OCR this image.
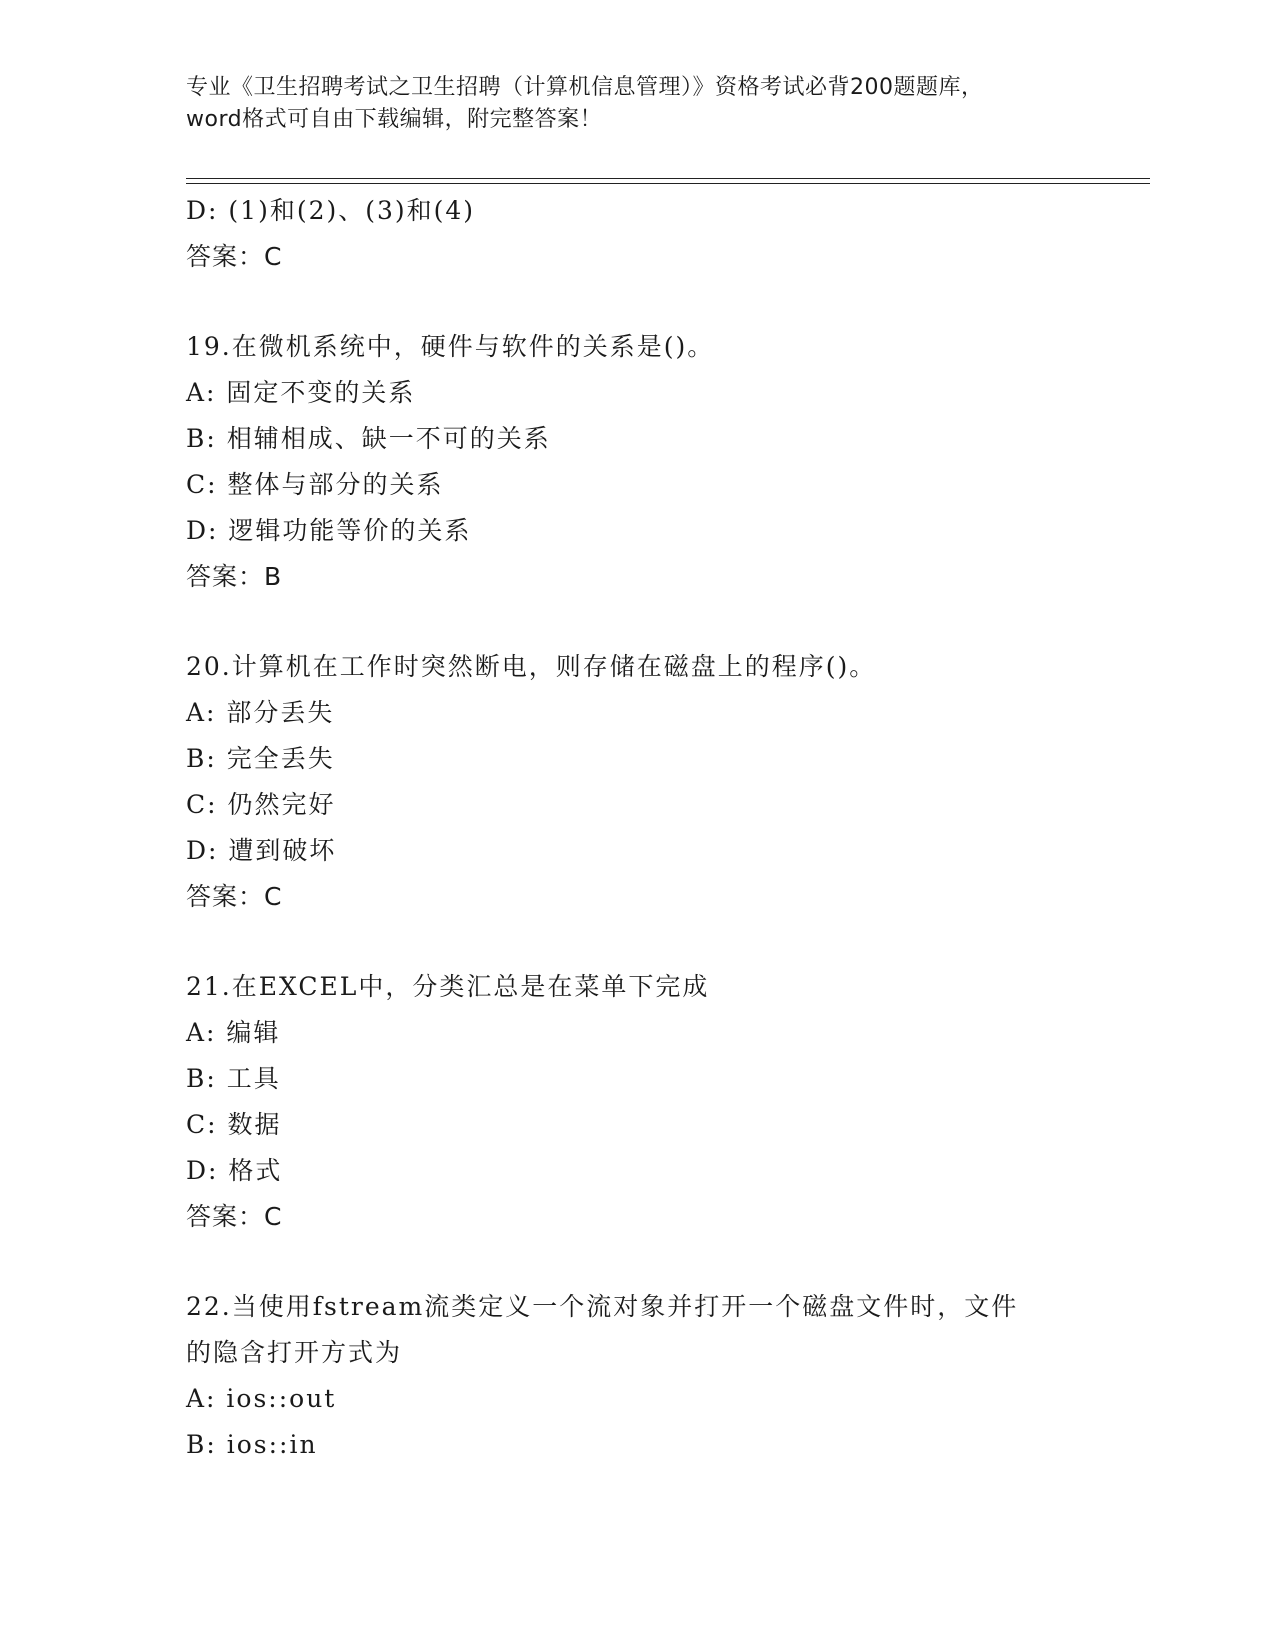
专业《卫生招聘考试之卫生招聘（计算机信息管理）》资格考试必背200题题库，
word格式可自由下载编辑，附完整答案！
D: (1)和(2)、(3)和(4)
答案：C
19.在微机系统中，硬件与软件的关系是()。
A: 固定不变的关系
B: 相辅相成、缺一不可的关系
C: 整体与部分的关系
D: 逻辑功能等价的关系
答案：B
20.计算机在工作时突然断电，则存储在磁盘上的程序()。
A: 部分丢失
B: 完全丢失
C: 仍然完好
D: 遭到破坏
答案：C
21.在EXCEL中，分类汇总是在菜单下完成
A: 编辑
B: 工具
C: 数据
D: 格式
答案：C
22.当使用fstream流类定义一个流对象并打开一个磁盘文件时，文件
的隐含打开方式为
A: ios::out
B: ios::in
